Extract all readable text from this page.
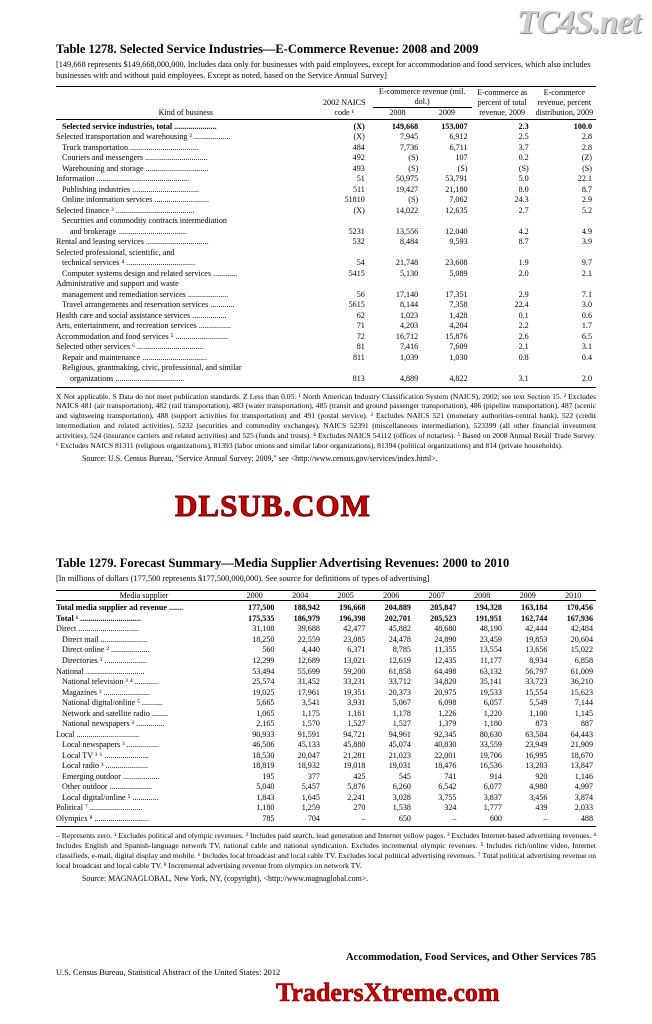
TC4S.net
Table 1278. Selected Service Industries—E-Commerce Revenue: 2008 and 2009
[149,668 represents $149,668,000,000. Includes data only for businesses with paid employees, except for accommodation and food services, which also includes businesses with and without paid employees. Except as noted, based on the Service Annual Survey]

Kind of business	2002 NAICS code ¹	E-commerce revenue (mil. dol.)		E-commerce as percent of total revenue, 2009	E-commerce revenue, percent distribution, 2009
		2008	2009		

Selected service industries, total .....................	(X)	149,668	153,007	2.3	100.0
Selected transportation and warehousing ² ..................	(X)	7,945	6,912	2.5	2.8
Truck transportation ..................................	484	7,736	6,711	3.7	2.8
Couriers and messengers ...............................	492	(S)	107	0.2	(Z)
Warehousing and storage ...............................	493	(S)	(S)	(S)	(S)
Information ..............................................	51	50,975	53,791	5.0	22.1
Publishing industries .................................	511	19,427	21,180	8.0	8.7
Online information services ...........................	51810	(S)	7,062	24.3	2.9
Selected finance ³ .......................................	(X)	14,022	12,635	2.7	5.2
Securities and commodity contracts intermediation					
and brokerage ..................................	5231	13,556	12,040	4.2	4.9
Rental and leasing services ...............................	532	8,484	9,593	8.7	3.9
Selected professional, scientific, and					
technical services ⁴ ..................................	54	21,748	23,608	1.9	9.7
Computer systems design and related services ............	5415	5,130	5,089	2.0	2.1
Administrative and support and waste					
management and remediation services ....................	56	17,140	17,351	2.9	7.1
Travel arrangements and reservation services ............	5615	8,144	7,358	22.4	3.0
Health care and social assistance services .................	62	1,023	1,428	0.1	0.6
Arts, entertainment, and recreation services ................	71	4,203	4,204	2.2	1.7
Accommodation and food services ⁵ ..........................	72	16,712	15,876	2.6	6.5
Selected other services ⁶ .................................	81	7,416	7,609	2.1	3.1
Repair and maintenance ................................	811	1,039	1,030	0.8	0.4
Religious, grantmaking, civic, professional, and similar					
organizations ..................................	813	4,889	4,822	3.1	2.0
X Not applicable. S Data do not meet publication standards. Z Less than 0.05. ¹ North American Industry Classification System (NAICS), 2002; see text Section 15. ² Excludes NAICS 481 (air transportation), 482 (rail transportation), 483 (water transportation), 485 (transit and ground passenger transportation), 486 (pipeline transportation), 487 (scenic and sightseeing transportation), 488 (support activities for transportation) and 491 (postal service). ³ Excludes NAICS 521 (monetary authorities-central bank), 522 (credit intermediation and related activities), 5232 (securities and commodity exchanges), NAICS 52391 (miscellaneous intermediation), 523399 (all other financial investment activities), 524 (insurance carriers and related activities) and 525 (funds and trusts). ⁴ Excludes NAICS 54112 (offices of notaries). ⁵ Based on 2008 Annual Retail Trade Survey. ⁶ Excludes NAICS 81311 (religious organizations), 81393 (labor unions and similar labor organizations), 81394 (political organizations) and 814 (private households).
Source: U.S. Census Bureau, "Service Annual Survey: 2009," see <http://www.census.gov/services/index.html>.
DLSUB.COM
Table 1279. Forecast Summary—Media Supplier Advertising Revenues: 2000 to 2010
[In millions of dollars (177,500 represents $177,500,000,000). See source for definitions of types of advertising]
Media supplier	2000	2004	2005	2006	2007	2008	2009	2010
Total media supplier ad revenue .......	177,500	188,942	196,668	204,889	205,847	194,328	163,184	170,456
Total ¹ ..............................	175,535	186,979	196,398	202,701	205,523	191,951	162,744	167,936
Direct ..............................	31,108	39,688	42,477	45,882	48,680	48,190	42,444	42,484
Direct mail .......................	18,250	22,559	23,085	24,478	24,890	23,459	19,853	20,604
Direct online ² ...................	560	4,440	6,371	8,785	11,355	13,554	13,656	15,022
Directories ³ .....................	12,299	12,689	13,021	12,619	12,435	11,177	8,934	6,858
National .............................	53,494	55,699	59,200	61,858	64,498	63,132	56,797	61,009
National television ³ ⁴ ............	25,574	31,452	33,231	33,712	34,820	35,141	33,723	36,210
Magazines ³ .......................	19,025	17,961	19,351	20,373	20,975	19,533	15,554	15,623
National digital/online ⁵ ..........	5,665	3,541	3,931	5,067	6,098	6,057	5,549	7,144
Network and satellite radio ........	1,065	1,175	1,161	1,178	1,226	1,220	1,100	1,145
National newspapers ³ ..............	2,165	1,570	1,527	1,527	1,379	1,180	873	887
Local ...............................	90,933	91,591	94,721	94,961	92,345	80,630	63,504	64,443
Local newspapers ³ ................	46,506	45,133	45,880	45,074	40,830	33,559	23,949	21,909
Local TV ³ ⁶ ......................	18,530	20,047	21,281	21,023	22,001	19,706	16,995	18,670
Local radio ³ .....................	18,819	18,932	19,018	19,031	18,476	16,536	13,203	13,847
Emerging outdoor ..................	195	377	425	545	741	914	920	1,146
Other outdoor .....................	5,040	5,457	5,876	6,260	6,542	6,077	4,980	4,997
Local digital/online ⁵ .............	1,843	1,645	2,241	3,028	3,755	3,837	3,456	3,874
Political ⁷ ..........................	1,180	1,259	270	1,538	324	1,777	439	2,033
Olympics ⁸ ...........................	785	704	–	650	–	600	–	488
– Represents zero. ¹ Excludes political and olympic revenues. ² Includes paid search, lead generation and Internet yellow pages. ³ Excludes Internet-based advertising revenues. ⁴ Includes English and Spanish-language network TV, national cable and national syndication. Excludes incremental olympic revenues. ⁵ Includes rich/online video, Internet classifieds, e-mail, digital display and mobile. ⁶ Includes local broadcast and local cable TV. Excludes local political advertising revenues. ⁷ Total political advertising revenue on local broadcast and local cable TV. ⁸ Incremental advertising revenue from olympics on network TV.
Source: MAGNAGLOBAL, New York, NY, (copyright), <http://www.magnaglobal.com>.
Accommodation, Food Services, and Other Services 785
U.S. Census Bureau, Statistical Abstract of the United States: 2012
TradersXtreme.com
